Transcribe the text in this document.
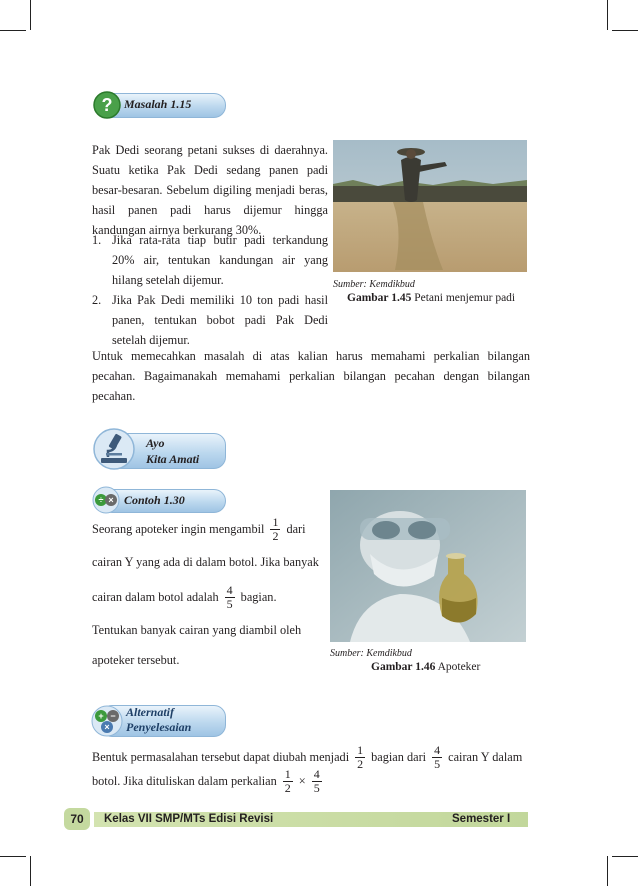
? Masalah 1.15
Pak Dedi seorang petani sukses di daerahnya. Suatu ketika Pak Dedi sedang panen padi besar-besaran. Sebelum digiling menjadi beras, hasil panen padi harus dijemur hingga kandungan airnya berkurang 30%.
1. Jika rata-rata tiap butir padi terkandung 20% air, tentukan kandungan air yang hilang setelah dijemur.
2. Jika Pak Dedi memiliki 10 ton padi hasil panen, tentukan bobot padi Pak Dedi setelah dijemur.
Sumber: Kemdikbud
Gambar 1.45 Petani menjemur padi
Untuk memecahkan masalah di atas kalian harus memahami perkalian bilangan pecahan. Bagaimanakah memahami perkalian bilangan pecahan dengan bilangan pecahan.
Ayo
Kita Amati
÷ × Contoh 1.30
Seorang apoteker ingin mengambil $\frac{1}{2}$ dari
cairan Y yang ada di dalam botol. Jika banyak
cairan dalam botol adalah $\frac{4}{5}$ bagian.
Tentukan banyak cairan yang diambil oleh
apoteker tersebut.	Sumber: Kemdikbud
Gambar 1.46 Apoteker
+ −
×
Alternatif
Penyelesaian
Bentuk permasalahan tersebut dapat diubah menjadi $\frac{1}{2}$ bagian dari $\frac{4}{5}$ cairan Y dalam
botol. Jika dituliskan dalam perkalian $\frac{1}{2} \times \frac{4}{5}$
70	Kelas VII SMP/MTs Edisi Revisi	Semester I
